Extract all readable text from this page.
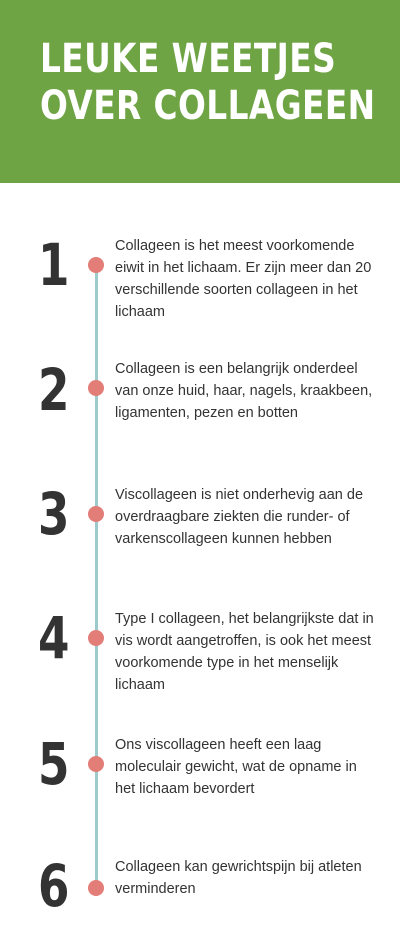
LEUKE WEETJES
OVER COLLAGEEN
1	Collageen is het meest voorkomende eiwit in het lichaam. Er zijn meer dan 20 verschillende soorten collageen in het lichaam

2	Collageen is een belangrijk onderdeel van onze huid, haar, nagels, kraakbeen, ligamenten, pezen en botten

3	Viscollageen is niet onderhevig aan de overdraagbare ziekten die runder- of varkenscollageen kunnen hebben

4	Type I collageen, het belangrijkste dat in vis wordt aangetroffen, is ook het meest voorkomende type in het menselijk lichaam

5	Ons viscollageen heeft een laag moleculair gewicht, wat de opname in het lichaam bevordert

6	Collageen kan gewrichtspijn bij atleten verminderen
